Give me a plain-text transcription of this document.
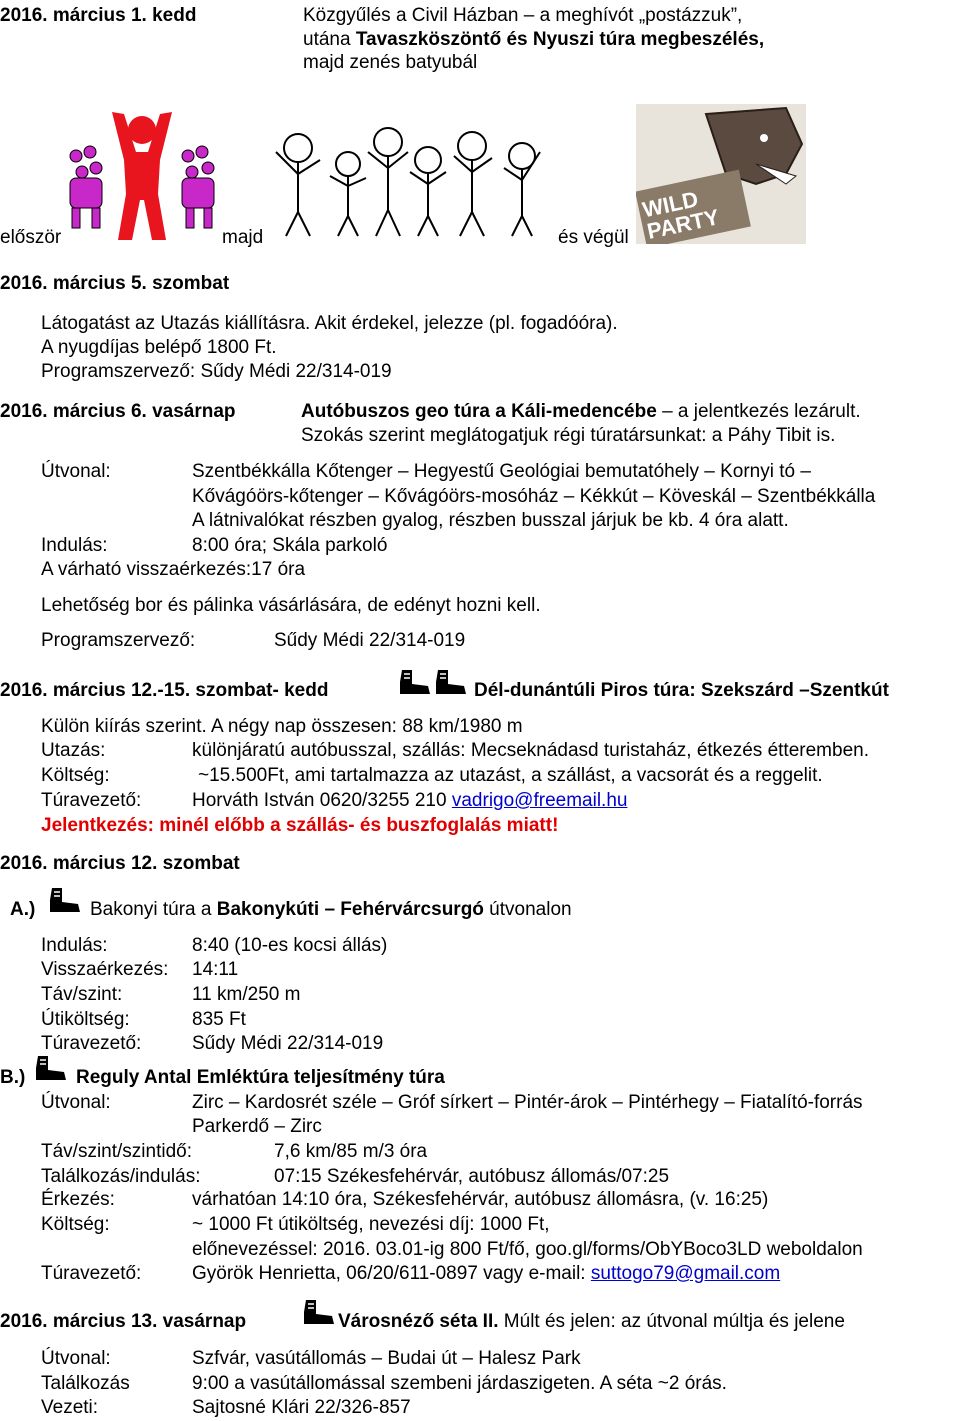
2016. március 1. kedd	Közgyűlés a Civil Házban – a meghívót „postázzuk”,
utána Tavaszköszöntő és Nyuszi túra megbeszélés,
majd zenés batyubál
először	majd	és végül
WILD PARTY
2016. március 5. szombat
Látogatást az Utazás kiállításra. Akit érdekel, jelezze (pl. fogadóóra).
A nyugdíjas belépő 1800 Ft.
Programszervező: Sűdy Médi 22/314-019
2016. március 6. vasárnap	Autóbuszos geo túra a Káli-medencébe – a jelentkezés lezárult.
Szokás szerint meglátogatjuk régi túratársunkat: a Páhy Tibit is.
Útvonal:	Szentbékkálla Kőtenger – Hegyestű Geológiai bemutatóhely – Kornyi tó –
Kővágóörs-kőtenger – Kővágóörs-mosóház – Kékkút – Köveskál – Szentbékkálla
A látnivalókat részben gyalog, részben busszal járjuk be kb. 4 óra alatt.
Indulás:	8:00 óra; Skála parkoló
A várható visszaérkezés:17 óra
Lehetőség bor és pálinka vásárlására, de edényt hozni kell.
Programszervező:	Sűdy Médi 22/314-019
2016. március 12.-15. szombat- kedd	Dél-dunántúli Piros túra: Szekszárd –Szentkút
Külön kiírás szerint. A négy nap összesen: 88 km/1980 m
Utazás:	különjáratú autóbusszal, szállás: Mecseknádasd turistaház, étkezés étteremben.
Költség:	~15.500Ft, ami tartalmazza az utazást, a szállást, a vacsorát és a reggelit.
Túravezető:	Horváth István 0620/3255 210 vadrigo@freemail.hu
Jelentkezés: minél előbb a szállás- és buszfoglalás miatt!
2016. március 12. szombat
A.)	Bakonyi túra a Bakonykúti – Fehérvárcsurgó útvonalon
Indulás:	8:40 (10-es kocsi állás)
Visszaérkezés: 14:11
Táv/szint:	11 km/250 m
Útiköltség:	835 Ft
Túravezető:	Sűdy Médi 22/314-019
B.)	Reguly Antal Emléktúra teljesítmény túra
Útvonal:	Zirc – Kardosrét széle – Gróf sírkert – Pintér-árok – Pintérhegy – Fiatalító-forrás
Parkerdő – Zirc
Táv/szint/szintidő:	7,6 km/85 m/3 óra
Találkozás/indulás:	07:15 Székesfehérvár, autóbusz állomás/07:25
Érkezés:	várhatóan 14:10 óra, Székesfehérvár, autóbusz állomásra, (v. 16:25)
Költség:	~ 1000 Ft útiköltség, nevezési díj: 1000 Ft,
előnevezéssel: 2016. 03.01-ig 800 Ft/fő, goo.gl/forms/ObYBoco3LD weboldalon
Túravezető:	Györök Henrietta, 06/20/611-0897 vagy e-mail: suttogo79@gmail.com
2016. március 13. vasárnap	Városnéző séta II. Múlt és jelen: az útvonal múltja és jelene
Útvonal:	Szfvár, vasútállomás – Budai út – Halesz Park
Találkozás	9:00 a vasútállomással szembeni járdaszigeten. A séta ~2 órás.
Vezeti:	Sajtosné Klári 22/326-857
